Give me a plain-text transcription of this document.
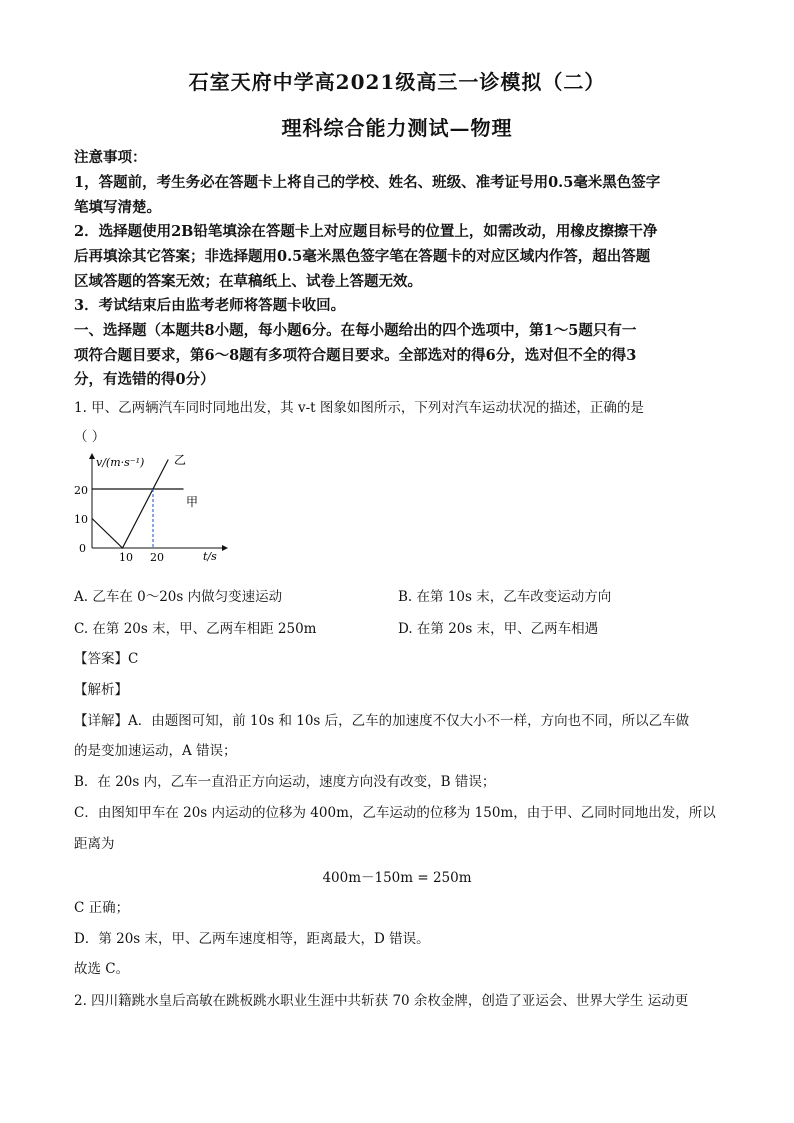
石室天府中学高2021级高三一诊模拟（二）
理科综合能力测试—物理
注意事项：
1，答题前，考生务必在答题卡上将自己的学校、姓名、班级、准考证号用0.5毫米黑色签字
笔填写清楚。
2．选择题使用2B铅笔填涂在答题卡上对应题目标号的位置上，如需改动，用橡皮擦擦干净
后再填涂其它答案；非选择题用0.5毫米黑色签字笔在答题卡的对应区域内作答，超出答题
区域答题的答案无效；在草稿纸上、试卷上答题无效。
3．考试结束后由监考老师将答题卡收回。
一、选择题（本题共8小题，每小题6分。在每小题给出的四个选项中，第1～5题只有一
项符合题目要求，第6～8题有多项符合题目要求。全部选对的得6分，选对但不全的得3
分，有选错的得0分）
1. 甲、乙两辆汽车同时同地出发，其 v-t 图象如图所示，下列对汽车运动状况的描述，正确的是
（ ）
v/(m·s⁻¹)
t/s
乙
甲
20
10
0
10 20
A. 乙车在 0～20s 内做匀变速运动	B. 在第 10s 末，乙车改变运动方向
C. 在第 20s 末，甲、乙两车相距 250m	D. 在第 20s 末，甲、乙两车相遇
【答案】C
【解析】
【详解】A．由题图可知，前 10s 和 10s 后，乙车的加速度不仅大小不一样，方向也不同，所以乙车做
的是变加速运动，A 错误；
B．在 20s 内，乙车一直沿正方向运动，速度方向没有改变，B 错误；
C．由图知甲车在 20s 内运动的位移为 400m，乙车运动的位移为 150m，由于甲、乙同时同地出发，所以
距离为
400m－150m = 250m
C 正确；
D．第 20s 末，甲、乙两车速度相等，距离最大，D 错误。
故选 C。
2. 四川籍跳水皇后高敏在跳板跳水职业生涯中共斩获 70 余枚金牌，创造了亚运会、世界大学生 运动更
